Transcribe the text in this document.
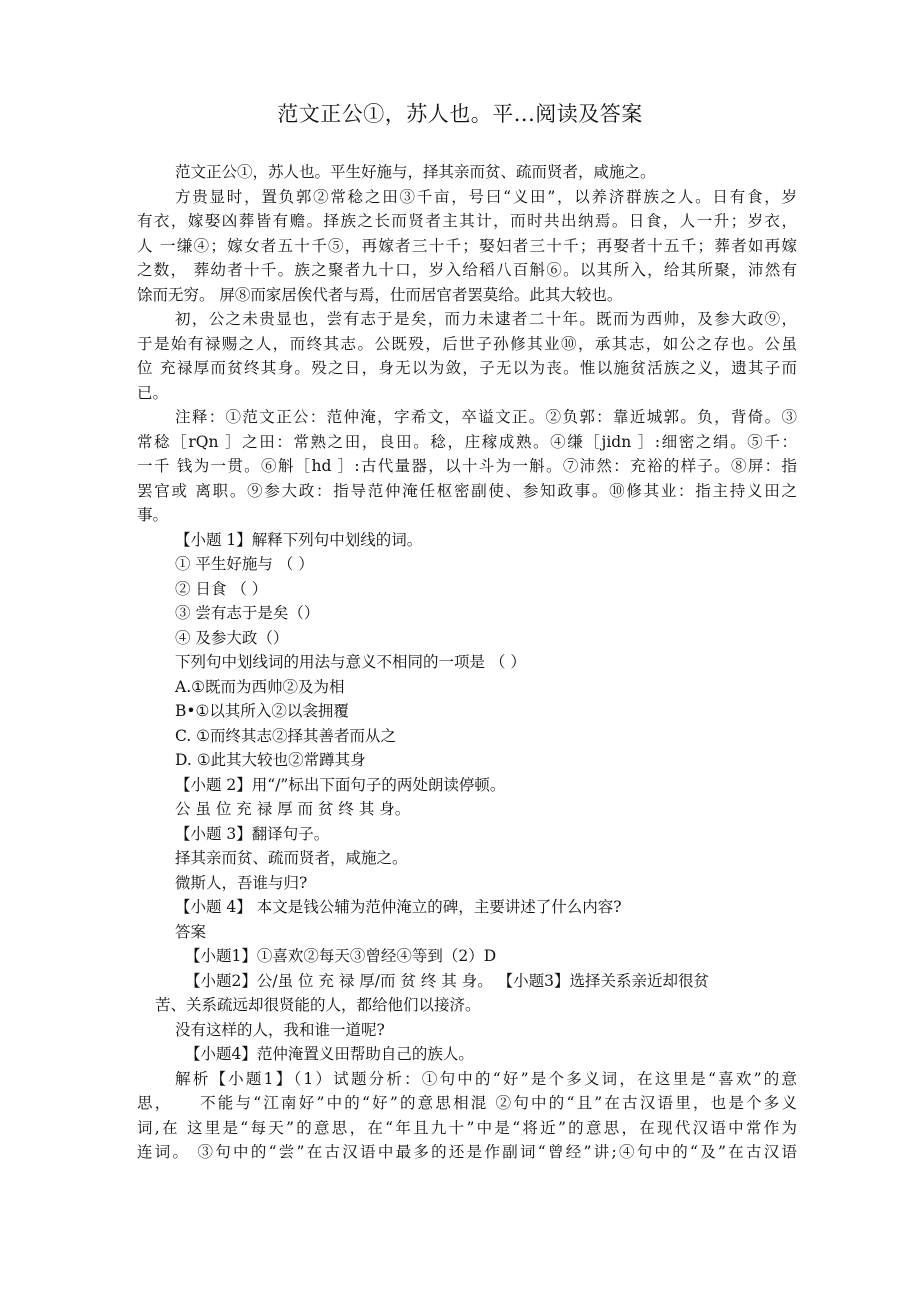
范文正公①，苏人也。平...阅读及答案
范文正公①，苏人也。平生好施与，择其亲而贫、疏而贤者，咸施之。
方贵显时，置负郭②常稔之田③千亩，号曰“义田”，以养济群族之人。日有食，岁
有衣，嫁娶凶葬皆有赡。择族之长而贤者主其计，而时共出纳焉。日食，人一升；岁衣，
人 一缣④；嫁女者五十千⑤，再嫁者三十千；娶妇者三十千；再娶者十五千；葬者如再嫁
之数， 葬幼者十千。族之聚者九十口，岁入给稻八百斛⑥。以其所入，给其所聚，沛然有
馀而无穷。 屏⑧而家居俟代者与焉，仕而居官者罢莫给。此其大较也。
初，公之未贵显也，尝有志于是矣，而力未逮者二十年。既而为西帅，及参大政⑨，
于是始有禄赐之人，而终其志。公既殁，后世子孙修其业⑩，承其志，如公之存也。公虽
位 充禄厚而贫终其身。殁之日，身无以为敛，子无以为丧。惟以施贫活族之义，遗其子而
已。
注释：①范文正公：范仲淹，字希文，卒谥文正。②负郭：靠近城郭。负，背倚。③
常稔［rQn ］之田：常熟之田，良田。稔，庄稼成熟。④缣［jidn ］:细密之绢。⑤千：
一千 钱为一贯。⑥斛［hd ］:古代量器，以十斗为一斛。⑦沛然：充裕的样子。⑧屏：指
罢官或 离职。⑨参大政：指导范仲淹任枢密副使、参知政事。⑩修其业：指主持义田之
事。
【小题 1】解释下列句中划线的词。
① 平生好施与 （ ）
② 日食 （ ）
③ 尝有志于是矣（）
④ 及参大政（）
下列句中划线词的用法与意义不相同的一项是 （ ）
A.①既而为西帅②及为相
B•①以其所入②以衾拥覆
C. ①而终其志②择其善者而从之
D. ①此其大较也②常蹲其身
【小题 2】用“/”标出下面句子的两处朗读停顿。
公 虽 位 充 禄 厚 而 贫 终 其 身。
【小题 3】翻译句子。
择其亲而贫、疏而贤者，咸施之。
微斯人，吾谁与归?
【小题 4】 本文是钱公辅为范仲淹立的碑，主要讲述了什么内容?
答案
【小题1】①喜欢②每天③曾经④等到（2）D
【小题2】公/虽 位 充 禄 厚/而 贫 终 其 身。 【小题3】选择关系亲近却很贫
苦、关系疏远却很贤能的人，都给他们以接济。
没有这样的人，我和谁一道呢?
【小题4】范仲淹置义田帮助自己的族人。
解析【小题1】（1）试题分析：①句中的“好”是个多义词，在这里是“喜欢”的意
思，　　不能与“江南好”中的“好”的意思相混 ②句中的“且”在古汉语里，也是个多义
词,在 这里是“每天”的意思，在“年且九十”中是“将近”的意思，在现代汉语中常作为
连词。 ③句中的“尝”在古汉语中最多的还是作副词“曾经”讲;④句中的“及”在古汉语
